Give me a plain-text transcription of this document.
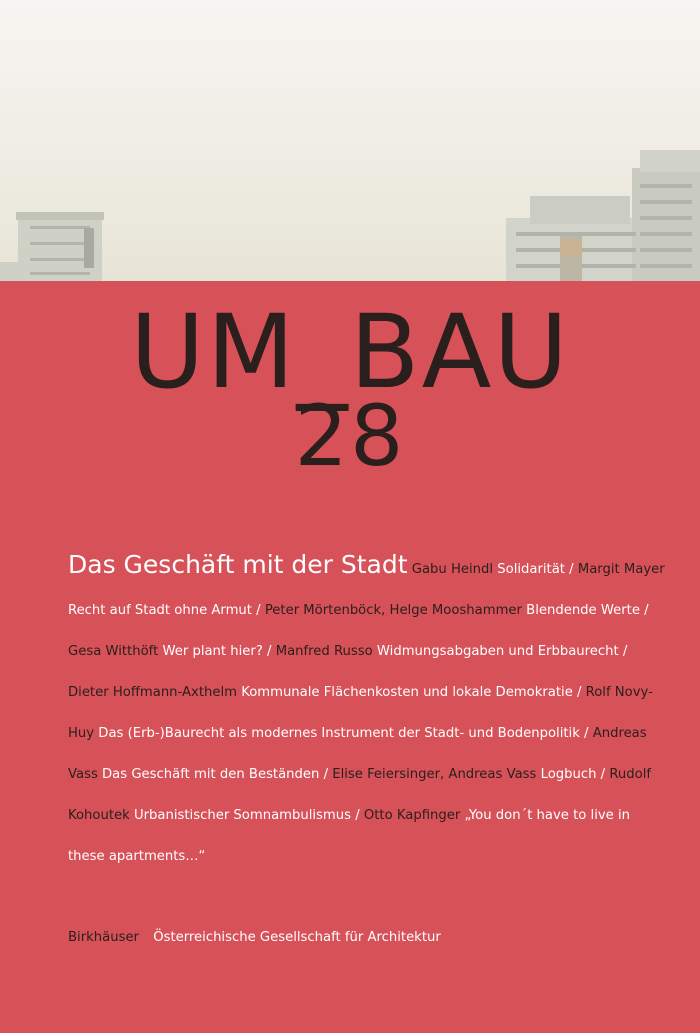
UM_BAU
28
Das Geschäft mit der Stadt Gabu Heindl Solidarität / Margit Mayer Recht auf Stadt ohne Armut / Peter Mörtenböck, Helge Mooshammer Blendende Werte / Gesa Witthöft Wer plant hier? / Manfred Russo Widmungsabgaben und Erbbaurecht / Dieter Hoffmann-Axthelm Kommunale Flächenkosten und lokale Demokratie / Rolf Novy-Huy Das (Erb-)Baurecht als modernes Instrument der Stadt- und Bodenpolitik / Andreas Vass Das Geschäft mit den Beständen / Elise Feiersinger, Andreas Vass Logbuch / Rudolf Kohoutek Urbanistischer Somnambulismus / Otto Kapfinger „You don´t have to live in these apartments…“
Birkhäuser Österreichische Gesellschaft für Architektur
